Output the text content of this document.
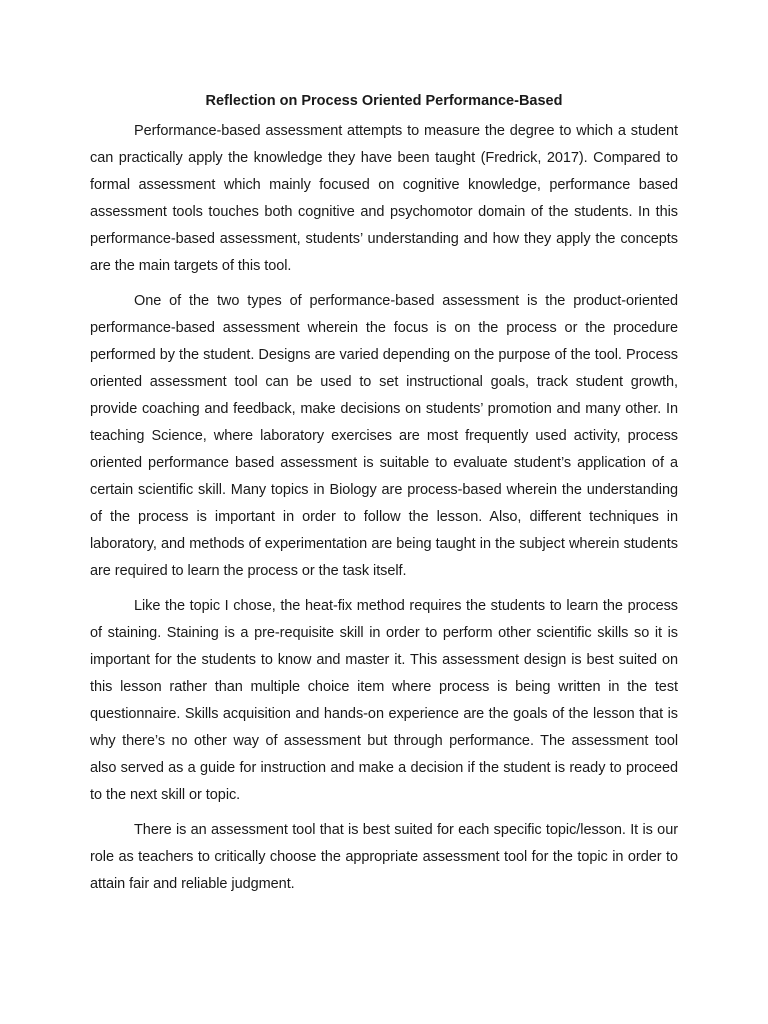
Reflection on Process Oriented Performance-Based

Performance-based assessment attempts to measure the degree to which a student can practically apply the knowledge they have been taught (Fredrick, 2017). Compared to formal assessment which mainly focused on cognitive knowledge, performance based assessment tools touches both cognitive and psychomotor domain of the students. In this performance-based assessment, students’ understanding and how they apply the concepts are the main targets of this tool.

One of the two types of performance-based assessment is the product-oriented performance-based assessment wherein the focus is on the process or the procedure performed by the student. Designs are varied depending on the purpose of the tool. Process oriented assessment tool can be used to set instructional goals, track student growth, provide coaching and feedback, make decisions on students’ promotion and many other. In teaching Science, where laboratory exercises are most frequently used activity, process oriented performance based assessment is suitable to evaluate student’s application of a certain scientific skill. Many topics in Biology are process-based wherein the understanding of the process is important in order to follow the lesson. Also, different techniques in laboratory, and methods of experimentation are being taught in the subject wherein students are required to learn the process or the task itself.

Like the topic I chose, the heat-fix method requires the students to learn the process of staining. Staining is a pre-requisite skill in order to perform other scientific skills so it is important for the students to know and master it. This assessment design is best suited on this lesson rather than multiple choice item where process is being written in the test questionnaire. Skills acquisition and hands-on experience are the goals of the lesson that is why there’s no other way of assessment but through performance. The assessment tool also served as a guide for instruction and make a decision if the student is ready to proceed to the next skill or topic.

There is an assessment tool that is best suited for each specific topic/lesson. It is our role as teachers to critically choose the appropriate assessment tool for the topic in order to attain fair and reliable judgment.
